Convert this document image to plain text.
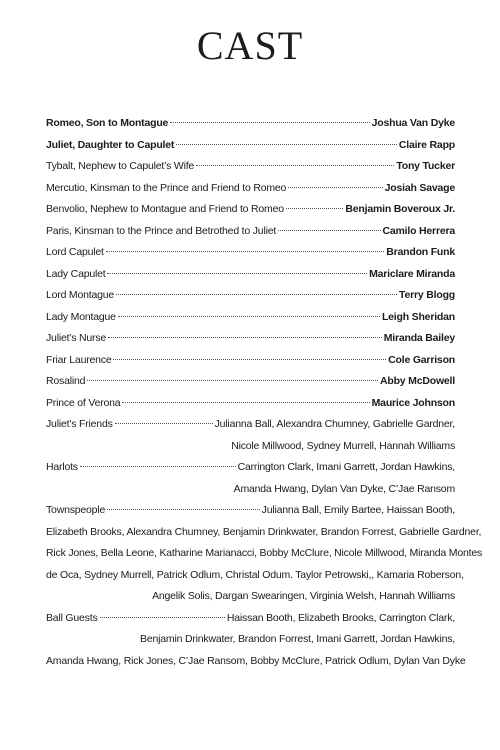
CAST
Romeo, Son to Montague	Joshua Van Dyke
Juliet, Daughter to Capulet	Claire Rapp
Tybalt, Nephew to Capulet’s Wife	Tony Tucker
Mercutio, Kinsman to the Prince and Friend to Romeo	Josiah Savage
Benvolio, Nephew to Montague and Friend to Romeo	Benjamin Boveroux Jr.
Paris, Kinsman to the Prince and Betrothed to Juliet	Camilo Herrera
Lord Capulet	Brandon Funk
Lady Capulet	Mariclare Miranda
Lord Montague	Terry Blogg
Lady Montague	Leigh Sheridan
Juliet’s Nurse	Miranda Bailey
Friar Laurence	Cole Garrison
Rosalind	Abby McDowell
Prince of Verona	Maurice Johnson
Juliet’s Friends	Julianna Ball, Alexandra Chumney, Gabrielle Gardner,
Nicole Millwood, Sydney Murrell, Hannah Williams
Harlots	Carrington Clark, Imani Garrett, Jordan Hawkins,
Amanda Hwang, Dylan Van Dyke, C’Jae Ransom
Townspeople	Julianna Ball, Emily Bartee, Haissan Booth,
Elizabeth Brooks, Alexandra Chumney, Benjamin Drinkwater, Brandon Forrest, Gabrielle Gardner,
Rick Jones, Bella Leone, Katharine Marianacci, Bobby McClure, Nicole Millwood, Miranda Montes
de Oca, Sydney Murrell, Patrick Odlum, Christal Odum. Taylor Petrowski,, Kamaria Roberson,
Angelik Solis, Dargan Swearingen, Virginia Welsh, Hannah Williams
Ball Guests	Haissan Booth, Elizabeth Brooks, Carrington Clark,
Benjamin Drinkwater, Brandon Forrest, Imani Garrett, Jordan Hawkins,
Amanda Hwang, Rick Jones, C’Jae Ransom, Bobby McClure, Patrick Odlum, Dylan Van Dyke
